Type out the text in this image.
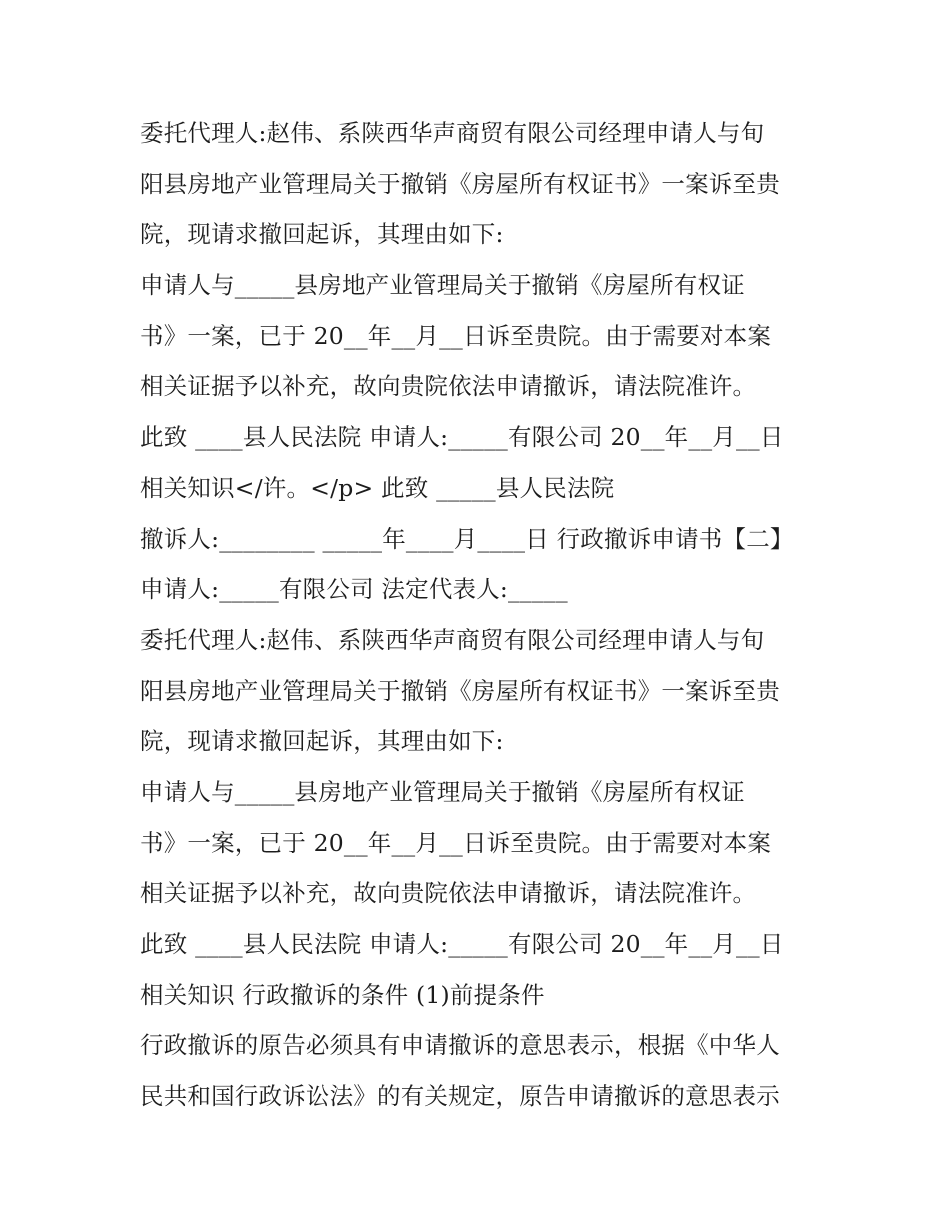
委托代理人:赵伟、系陕西华声商贸有限公司经理申请人与旬
阳县房地产业管理局关于撤销《房屋所有权证书》一案诉至贵
院，现请求撤回起诉，其理由如下:
申请人与_____县房地产业管理局关于撤销《房屋所有权证
书》一案，已于 20__年__月__日诉至贵院。由于需要对本案
相关证据予以补充，故向贵院依法申请撤诉，请法院准许。
此致 ____县人民法院 申请人:_____有限公司 20__年__月__日
相关知识</许。</p> 此致 _____县人民法院
撤诉人:________ _____年____月____日 行政撤诉申请书【二】
申请人:_____有限公司 法定代表人:_____
委托代理人:赵伟、系陕西华声商贸有限公司经理申请人与旬
阳县房地产业管理局关于撤销《房屋所有权证书》一案诉至贵
院，现请求撤回起诉，其理由如下:
申请人与_____县房地产业管理局关于撤销《房屋所有权证
书》一案，已于 20__年__月__日诉至贵院。由于需要对本案
相关证据予以补充，故向贵院依法申请撤诉，请法院准许。
此致 ____县人民法院 申请人:_____有限公司 20__年__月__日
相关知识 行政撤诉的条件 (1)前提条件
行政撤诉的原告必须具有申请撤诉的意思表示，根据《中华人
民共和国行政诉讼法》的有关规定，原告申请撤诉的意思表示
